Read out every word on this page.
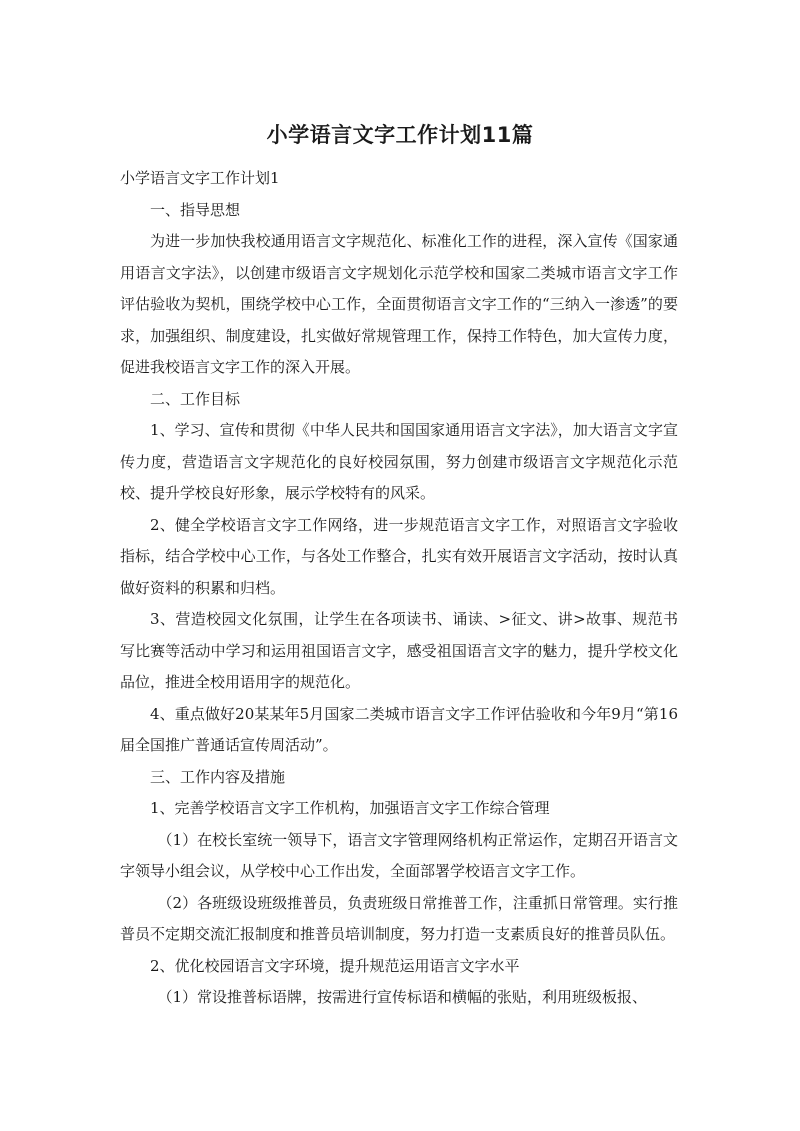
小学语言文字工作计划11篇

小学语言文字工作计划1

一、指导思想

为进一步加快我校通用语言文字规范化、标准化工作的进程，深入宣传《国家通用语言文字法》，以创建市级语言文字规划化示范学校和国家二类城市语言文字工作评估验收为契机，围绕学校中心工作，全面贯彻语言文字工作的“三纳入一渗透”的要求，加强组织、制度建设，扎实做好常规管理工作，保持工作特色，加大宣传力度，促进我校语言文字工作的深入开展。

二、工作目标

1、学习、宣传和贯彻《中华人民共和国国家通用语言文字法》，加大语言文字宣传力度，营造语言文字规范化的良好校园氛围，努力创建市级语言文字规范化示范校、提升学校良好形象，展示学校特有的风采。

2、健全学校语言文字工作网络，进一步规范语言文字工作，对照语言文字验收指标，结合学校中心工作，与各处工作整合，扎实有效开展语言文字活动，按时认真做好资料的积累和归档。

3、营造校园文化氛围，让学生在各项读书、诵读、>征文、讲>故事、规范书写比赛等活动中学习和运用祖国语言文字，感受祖国语言文字的魅力，提升学校文化品位，推进全校用语用字的规范化。

4、重点做好20某某年5月国家二类城市语言文字工作评估验收和今年9月“第16届全国推广普通话宣传周活动”。

三、工作内容及措施

1、完善学校语言文字工作机构，加强语言文字工作综合管理

（1）在校长室统一领导下，语言文字管理网络机构正常运作，定期召开语言文字领导小组会议，从学校中心工作出发，全面部署学校语言文字工作。

（2）各班级设班级推普员，负责班级日常推普工作，注重抓日常管理。实行推普员不定期交流汇报制度和推普员培训制度，努力打造一支素质良好的推普员队伍。

2、优化校园语言文字环境，提升规范运用语言文字水平

（1）常设推普标语牌，按需进行宣传标语和横幅的张贴，利用班级板报、
